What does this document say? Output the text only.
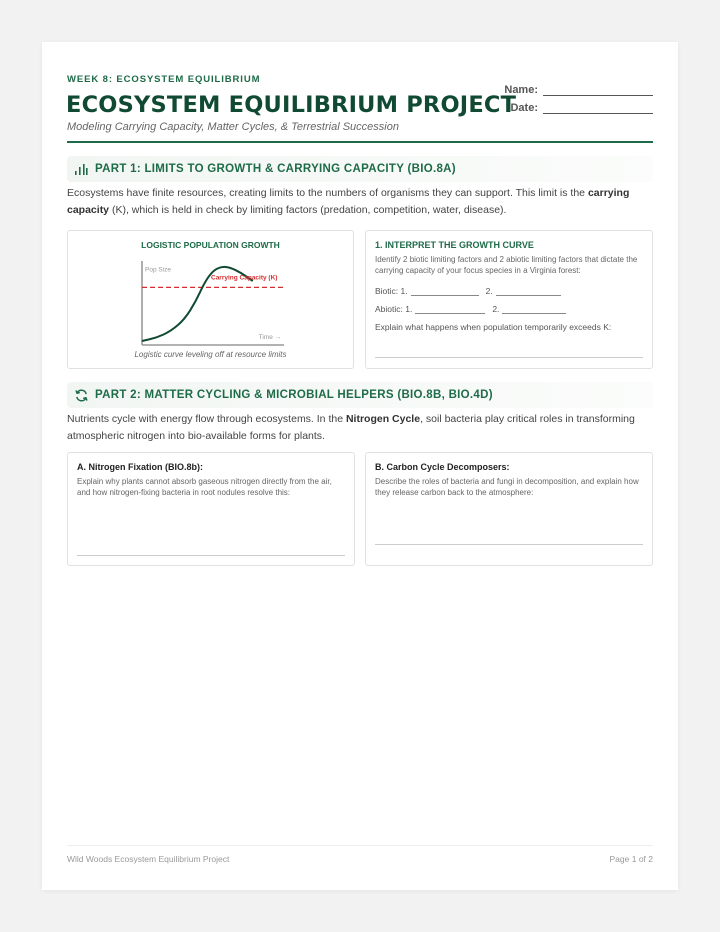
WEEK 8: ECOSYSTEM EQUILIBRIUM
ECOSYSTEM EQUILIBRIUM PROJECT
Modeling Carrying Capacity, Matter Cycles, & Terrestrial Succession
Name:
Date:
PART 1: LIMITS TO GROWTH & CARRYING CAPACITY (BIO.8A)
Ecosystems have finite resources, creating limits to the numbers of organisms they can support. This limit is the carrying capacity (K), which is held in check by limiting factors (predation, competition, water, disease).
LOGISTIC POPULATION GROWTH
Pop Size
Time →
Carrying Capacity (K)
Logistic curve leveling off at resource limits
1. INTERPRET THE GROWTH CURVE
Identify 2 biotic limiting factors and 2 abiotic limiting factors that dictate the carrying capacity of your focus species in a Virginia forest:
Biotic: 1.	2.
Abiotic: 1.	2.
Explain what happens when population temporarily exceeds K:
PART 2: MATTER CYCLING & MICROBIAL HELPERS (BIO.8B, BIO.4D)
Nutrients cycle with energy flow through ecosystems. In the Nitrogen Cycle, soil bacteria play critical roles in transforming atmospheric nitrogen into bio-available forms for plants.
A. Nitrogen Fixation (BIO.8b):
Explain why plants cannot absorb gaseous nitrogen directly from the air, and how nitrogen-fixing bacteria in root nodules resolve this:
B. Carbon Cycle Decomposers:
Describe the roles of bacteria and fungi in decomposition, and explain how they release carbon back to the atmosphere:
Wild Woods Ecosystem Equilibrium Project	Page 1 of 2
